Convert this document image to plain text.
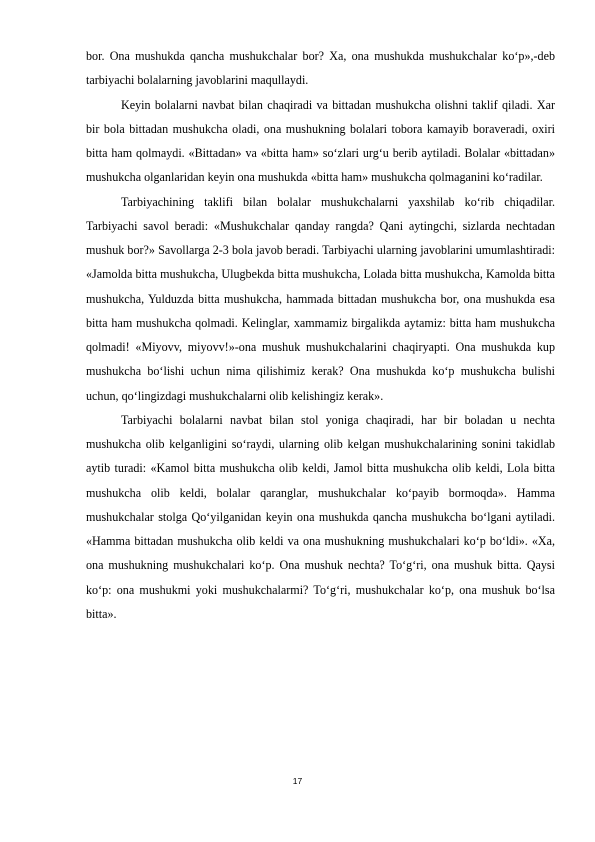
bor. Ona mushukda qancha mushukchalar bor? Xa, ona mushukda mushukchalar ko‘p»,-deb tarbiyachi bolalarning javoblarini maqullaydi.

Keyin bolalarni navbat bilan chaqiradi va bittadan mushukcha olishni taklif qiladi. Xar bir bola bittadan mushukcha oladi, ona mushukning bolalari tobora kamayib boraveradi, oxiri bitta ham qolmaydi. «Bittadan» va «bitta ham» so‘zlari urg‘u berib aytiladi. Bolalar «bittadan» mushukcha olganlaridan keyin ona mushukda «bitta ham» mushukcha qolmaganini ko‘radilar.

Tarbiyachining taklifi bilan bolalar mushukchalarni yaxshilab ko‘rib chiqadilar. Tarbiyachi savol beradi: «Mushukchalar qanday rangda? Qani aytingchi, sizlarda nechtadan mushuk bor?» Savollarga 2-3 bola javob beradi. Tarbiyachi ularning javoblarini umumlashtiradi: «Jamolda bitta mushukcha, Ulugbekda bitta mushukcha, Lolada bitta mushukcha, Kamolda bitta mushukcha, Yulduzda bitta mushukcha, hammada bittadan mushukcha bor, ona mushukda esa bitta ham mushukcha qolmadi. Kelinglar, xammamiz birgalikda aytamiz: bitta ham mushukcha qolmadi! «Miyovv, miyovv!»-ona mushuk mushukchalarini chaqiryapti. Ona mushukda kup mushukcha bo‘lishi uchun nima qilishimiz kerak? Ona mushukda ko‘p mushukcha bulishi uchun, qo‘lingizdagi mushukchalarni olib kelishingiz kerak».

Tarbiyachi bolalarni navbat bilan stol yoniga chaqiradi, har bir boladan u nechta mushukcha olib kelganligini so‘raydi, ularning olib kelgan mushukchalarining sonini takidlab aytib turadi: «Kamol bitta mushukcha olib keldi, Jamol bitta mushukcha olib keldi, Lola bitta mushukcha olib keldi, bolalar qaranglar, mushukchalar ko‘payib bormoqda». Hamma mushukchalar stolga Qo‘yilganidan keyin ona mushukda qancha mushukcha bo‘lgani aytiladi. «Hamma bittadan mushukcha olib keldi va ona mushukning mushukchalari ko‘p bo‘ldi». «Xa, ona mushukning mushukchalari ko‘p. Ona mushuk nechta? To‘g‘ri, ona mushuk bitta. Qaysi ko‘p: ona mushukmi yoki mushukchalarmi? To‘g‘ri, mushukchalar ko‘p, ona mushuk bo‘lsa bitta».

17
